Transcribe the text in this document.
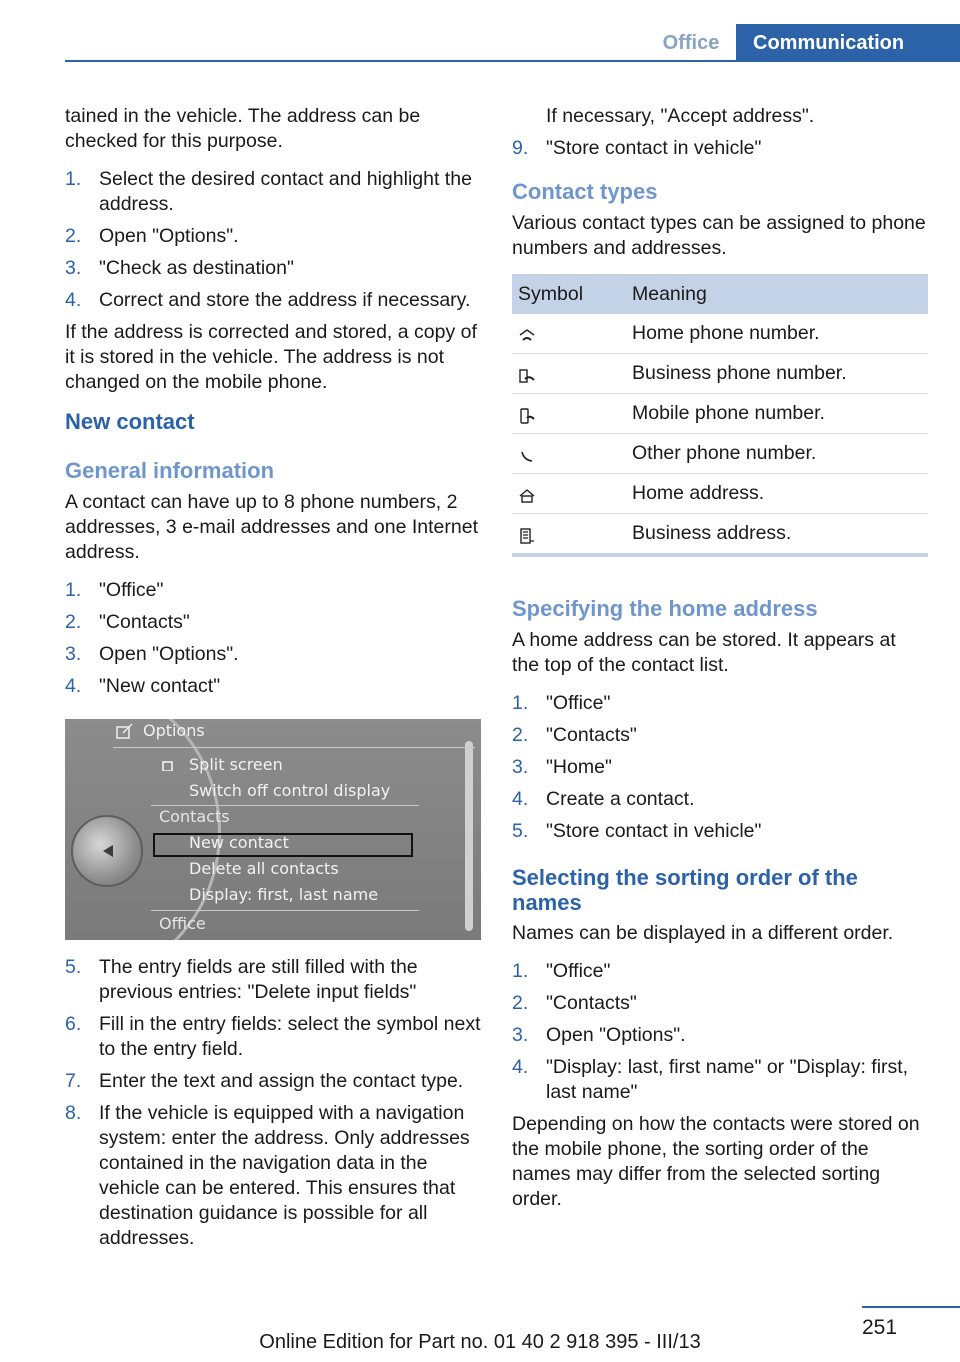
Office	Communication

tained in the vehicle. The address can be checked for this purpose.

1. Select the desired contact and highlight the address.
2. Open "Options".
3. "Check as destination"
4. Correct and store the address if necessary.

If the address is corrected and stored, a copy of it is stored in the vehicle. The address is not changed on the mobile phone.

New contact
General information

A contact can have up to 8 phone numbers, 2 addresses, 3 e-mail addresses and one Internet address.

1. "Office"
2. "Contacts"
3. Open "Options".
4. "New contact"
Options
Split screen
Switch off control display
Contacts
New contact
Delete all contacts
Display: first, last name
Office
5. The entry fields are still filled with the previous entries: "Delete input fields"
6. Fill in the entry fields: select the symbol next to the entry field.
7. Enter the text and assign the contact type.
8. If the vehicle is equipped with a navigation system: enter the address. Only addresses contained in the navigation data in the vehicle can be entered. This ensures that destination guidance is possible for all addresses.

If necessary, "Accept address".

9. "Store contact in vehicle"
Contact types

Various contact types can be assigned to phone numbers and addresses.

Symbol	Meaning
	Home phone number.
	Business phone number.
	Mobile phone number.
	Other phone number.
	Home address.
	Business address.
Specifying the home address

A home address can be stored. It appears at the top of the contact list.

1. "Office"
2. "Contacts"
3. "Home"
4. Create a contact.
5. "Store contact in vehicle"
Selecting the sorting order of the names

Names can be displayed in a different order.

1. "Office"
2. "Contacts"
3. Open "Options".
4. "Display: last, first name" or "Display: first, last name"

Depending on how the contacts were stored on the mobile phone, the sorting order of the names may differ from the selected sorting order.

251
Online Edition for Part no. 01 40 2 918 395 - III/13
